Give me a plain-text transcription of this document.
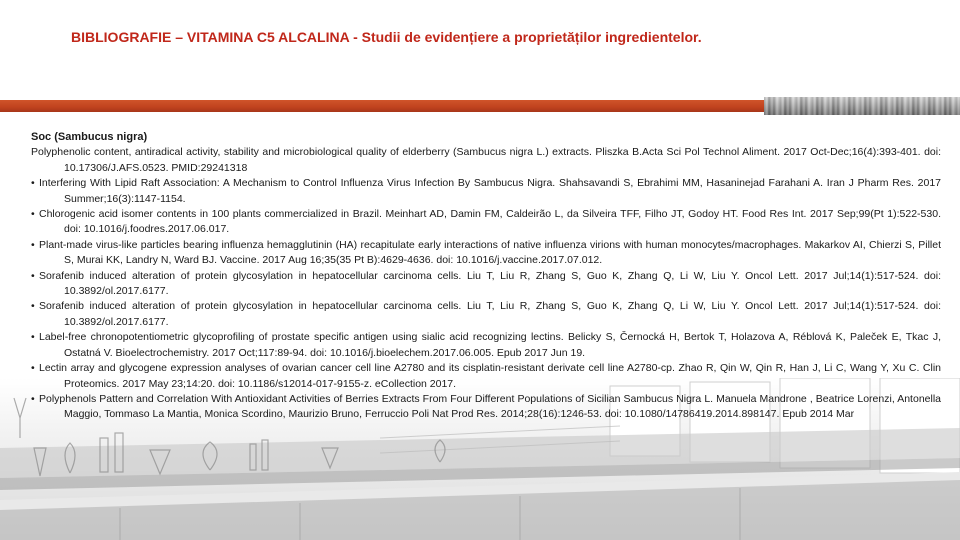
BIBLIOGRAFIE – VITAMINA C5 ALCALINA - Studii de evidențiere a proprietăților ingredientelor.

Soc (Sambucus nigra)

Polyphenolic content, antiradical activity, stability and microbiological quality of elderberry (Sambucus nigra L.) extracts. Pliszka B.Acta Sci Pol Technol Aliment. 2017 Oct-Dec;16(4):393-401. doi: 10.17306/J.AFS.0523. PMID:29241318

• Interfering With Lipid Raft Association: A Mechanism to Control Influenza Virus Infection By Sambucus Nigra. Shahsavandi S, Ebrahimi MM, Hasaninejad Farahani A. Iran J Pharm Res. 2017 Summer;16(3):1147-1154.

• Chlorogenic acid isomer contents in 100 plants commercialized in Brazil. Meinhart AD, Damin FM, Caldeirão L, da Silveira TFF, Filho JT, Godoy HT. Food Res Int. 2017 Sep;99(Pt 1):522-530. doi: 10.1016/j.foodres.2017.06.017.

• Plant-made virus-like particles bearing influenza hemagglutinin (HA) recapitulate early interactions of native influenza virions with human monocytes/macrophages. Makarkov AI, Chierzi S, Pillet S, Murai KK, Landry N, Ward BJ. Vaccine. 2017 Aug 16;35(35 Pt B):4629-4636. doi: 10.1016/j.vaccine.2017.07.012.

• Sorafenib induced alteration of protein glycosylation in hepatocellular carcinoma cells. Liu T, Liu R, Zhang S, Guo K, Zhang Q, Li W, Liu Y. Oncol Lett. 2017 Jul;14(1):517-524. doi: 10.3892/ol.2017.6177.

• Sorafenib induced alteration of protein glycosylation in hepatocellular carcinoma cells. Liu T, Liu R, Zhang S, Guo K, Zhang Q, Li W, Liu Y. Oncol Lett. 2017 Jul;14(1):517-524. doi: 10.3892/ol.2017.6177.

• Label-free chronopotentiometric glycoprofiling of prostate specific antigen using sialic acid recognizing lectins. Belicky S, Černocká H, Bertok T, Holazova A, Réblová K, Paleček E, Tkac J, Ostatná V. Bioelectrochemistry. 2017 Oct;117:89-94. doi: 10.1016/j.bioelechem.2017.06.005. Epub 2017 Jun 19.

• Lectin array and glycogene expression analyses of ovarian cancer cell line A2780 and its cisplatin-resistant derivate cell line A2780-cp. Zhao R, Qin W, Qin R, Han J, Li C, Wang Y, Xu C. Clin Proteomics. 2017 May 23;14:20. doi: 10.1186/s12014-017-9155-z. eCollection 2017.

• Polyphenols Pattern and Correlation With Antioxidant Activities of Berries Extracts From Four Different Populations of Sicilian Sambucus Nigra L. Manuela Mandrone , Beatrice Lorenzi, Antonella Maggio, Tommaso La Mantia, Monica Scordino, Maurizio Bruno, Ferruccio Poli Nat Prod Res. 2014;28(16):1246-53. doi: 10.1080/14786419.2014.898147. Epub 2014 Mar
